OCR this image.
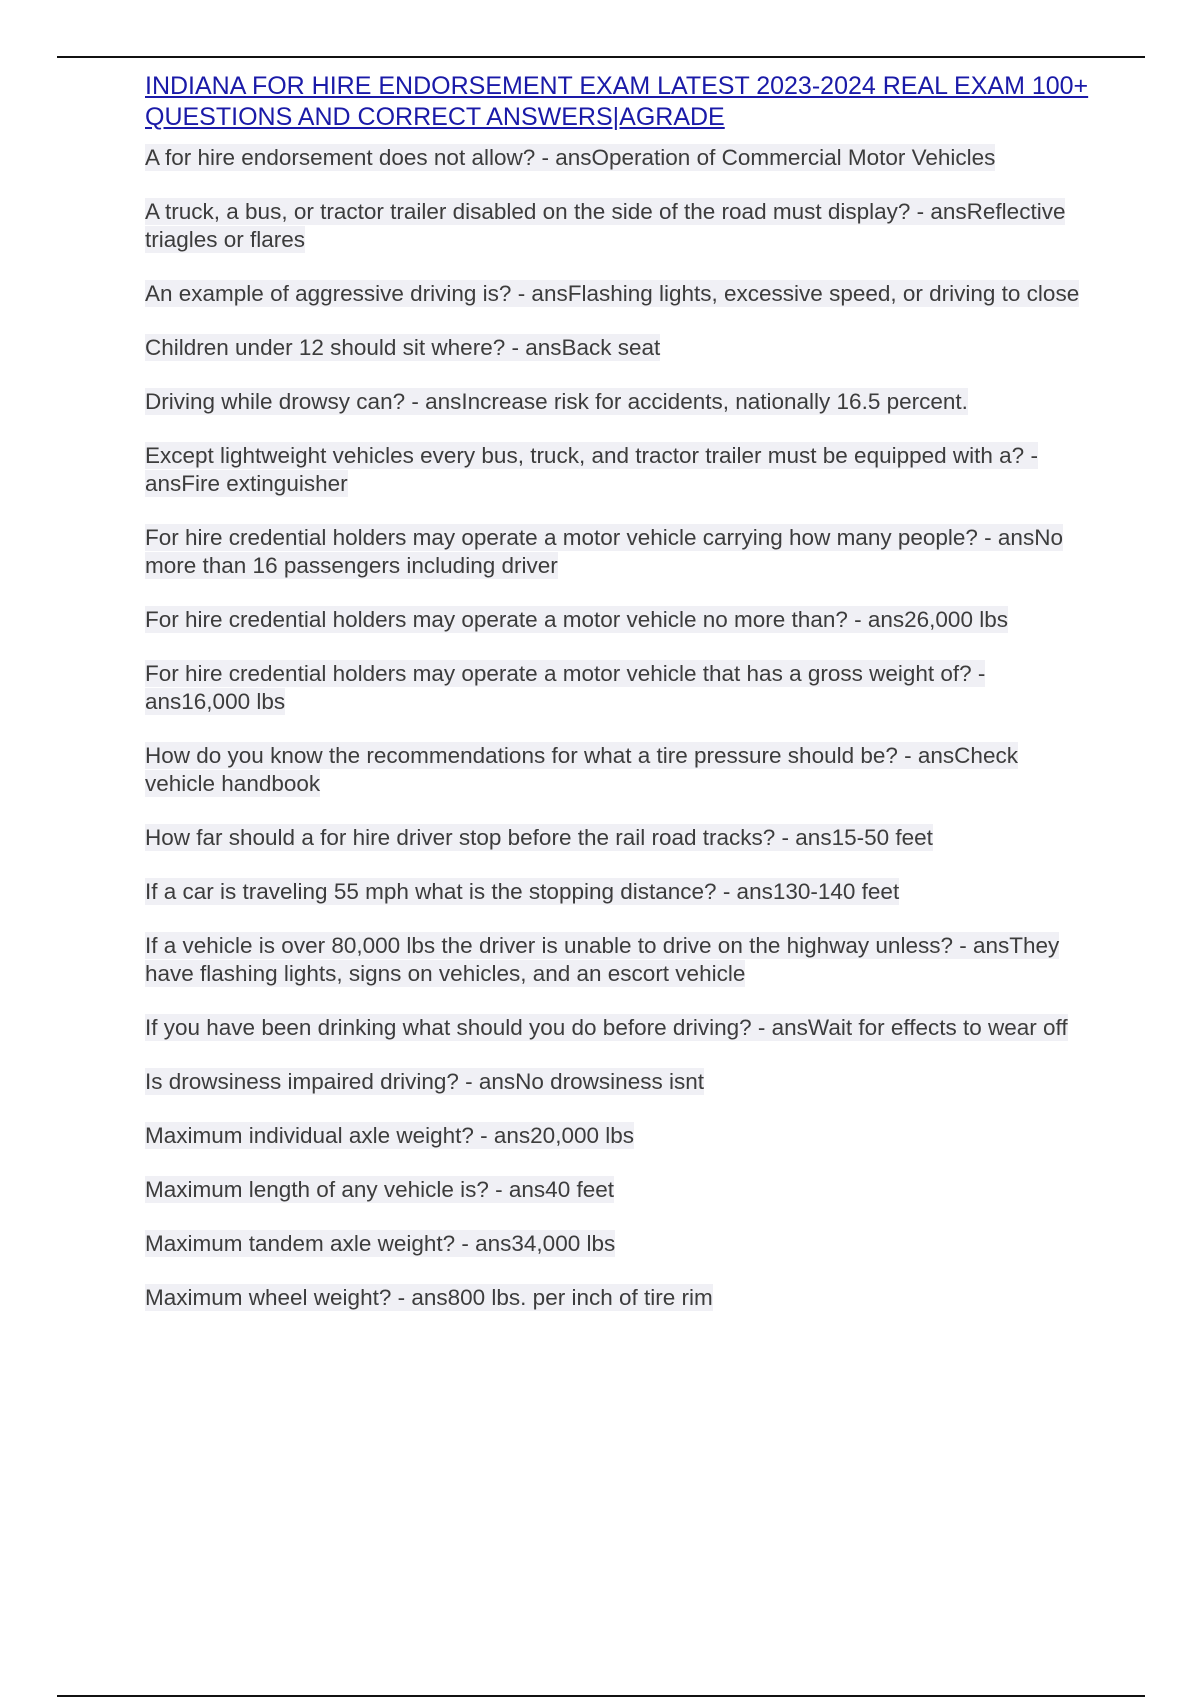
INDIANA FOR HIRE ENDORSEMENT EXAM LATEST 2023-2024 REAL EXAM 100+ QUESTIONS AND CORRECT ANSWERS|AGRADE

A for hire endorsement does not allow? - ansOperation of Commercial Motor Vehicles

A truck, a bus, or tractor trailer disabled on the side of the road must display? - ansReflective triagles or flares

An example of aggressive driving is? - ansFlashing lights, excessive speed, or driving to close

Children under 12 should sit where? - ansBack seat

Driving while drowsy can? - ansIncrease risk for accidents, nationally 16.5 percent.

Except lightweight vehicles every bus, truck, and tractor trailer must be equipped with a? - ansFire extinguisher

For hire credential holders may operate a motor vehicle carrying how many people? - ansNo more than 16 passengers including driver

For hire credential holders may operate a motor vehicle no more than? - ans26,000 lbs

For hire credential holders may operate a motor vehicle that has a gross weight of? - ans16,000 lbs

How do you know the recommendations for what a tire pressure should be? - ansCheck vehicle handbook

How far should a for hire driver stop before the rail road tracks? - ans15-50 feet

If a car is traveling 55 mph what is the stopping distance? - ans130-140 feet

If a vehicle is over 80,000 lbs the driver is unable to drive on the highway unless? - ansThey have flashing lights, signs on vehicles, and an escort vehicle

If you have been drinking what should you do before driving? - ansWait for effects to wear off

Is drowsiness impaired driving? - ansNo drowsiness isnt

Maximum individual axle weight? - ans20,000 lbs

Maximum length of any vehicle is? - ans40 feet

Maximum tandem axle weight? - ans34,000 lbs

Maximum wheel weight? - ans800 lbs. per inch of tire rim
